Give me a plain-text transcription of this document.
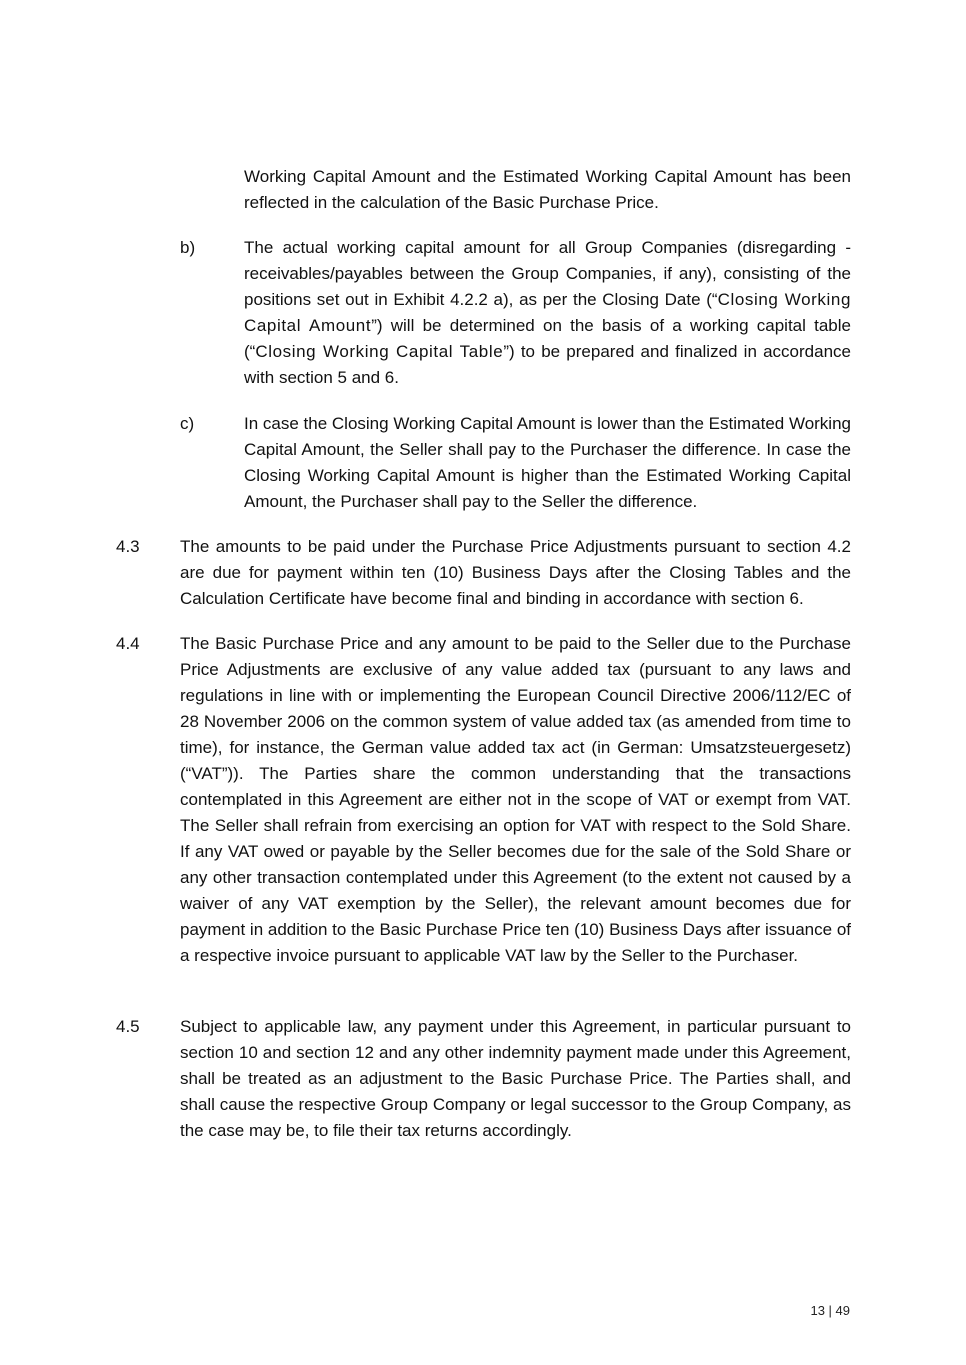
Working Capital Amount and the Estimated Working Capital Amount has been reflected in the calculation of the Basic Purchase Price.
b)	The actual working capital amount for all Group Companies (disregarding -receivables/payables between the Group Companies, if any), consisting of the positions set out in Exhibit 4.2.2 a), as per the Closing Date (“Closing Working Capital Amount”) will be determined on the basis of a working capital table (“Closing Working Capital Table”) to be prepared and finalized in accordance with section 5 and 6.
c)	In case the Closing Working Capital Amount is lower than the Estimated Working Capital Amount, the Seller shall pay to the Purchaser the difference. In case the Closing Working Capital Amount is higher than the Estimated Working Capital Amount, the Purchaser shall pay to the Seller the difference.
4.3 The amounts to be paid under the Purchase Price Adjustments pursuant to section 4.2 are due for payment within ten (10) Business Days after the Closing Tables and the Calculation Certificate have become final and binding in accordance with section 6.
4.4 The Basic Purchase Price and any amount to be paid to the Seller due to the Purchase Price Adjustments are exclusive of any value added tax (pursuant to any laws and regulations in line with or implementing the European Council Directive 2006/112/EC of 28 November 2006 on the common system of value added tax (as amended from time to time), for instance, the German value added tax act (in German: Umsatzsteuergesetz) (“VAT”)). The Parties share the common understanding that the transactions contemplated in this Agreement are either not in the scope of VAT or exempt from VAT. The Seller shall refrain from exercising an option for VAT with respect to the Sold Share. If any VAT owed or payable by the Seller becomes due for the sale of the Sold Share or any other transaction contemplated under this Agreement (to the extent not caused by a waiver of any VAT exemption by the Seller), the relevant amount becomes due for payment in addition to the Basic Purchase Price ten (10) Business Days after issuance of a respective invoice pursuant to applicable VAT law by the Seller to the Purchaser.
4.5 Subject to applicable law, any payment under this Agreement, in particular pursuant to section 10 and section 12 and any other indemnity payment made under this Agreement, shall be treated as an adjustment to the Basic Purchase Price. The Parties shall, and shall cause the respective Group Company or legal successor to the Group Company, as the case may be, to file their tax returns accordingly.
13 | 49
